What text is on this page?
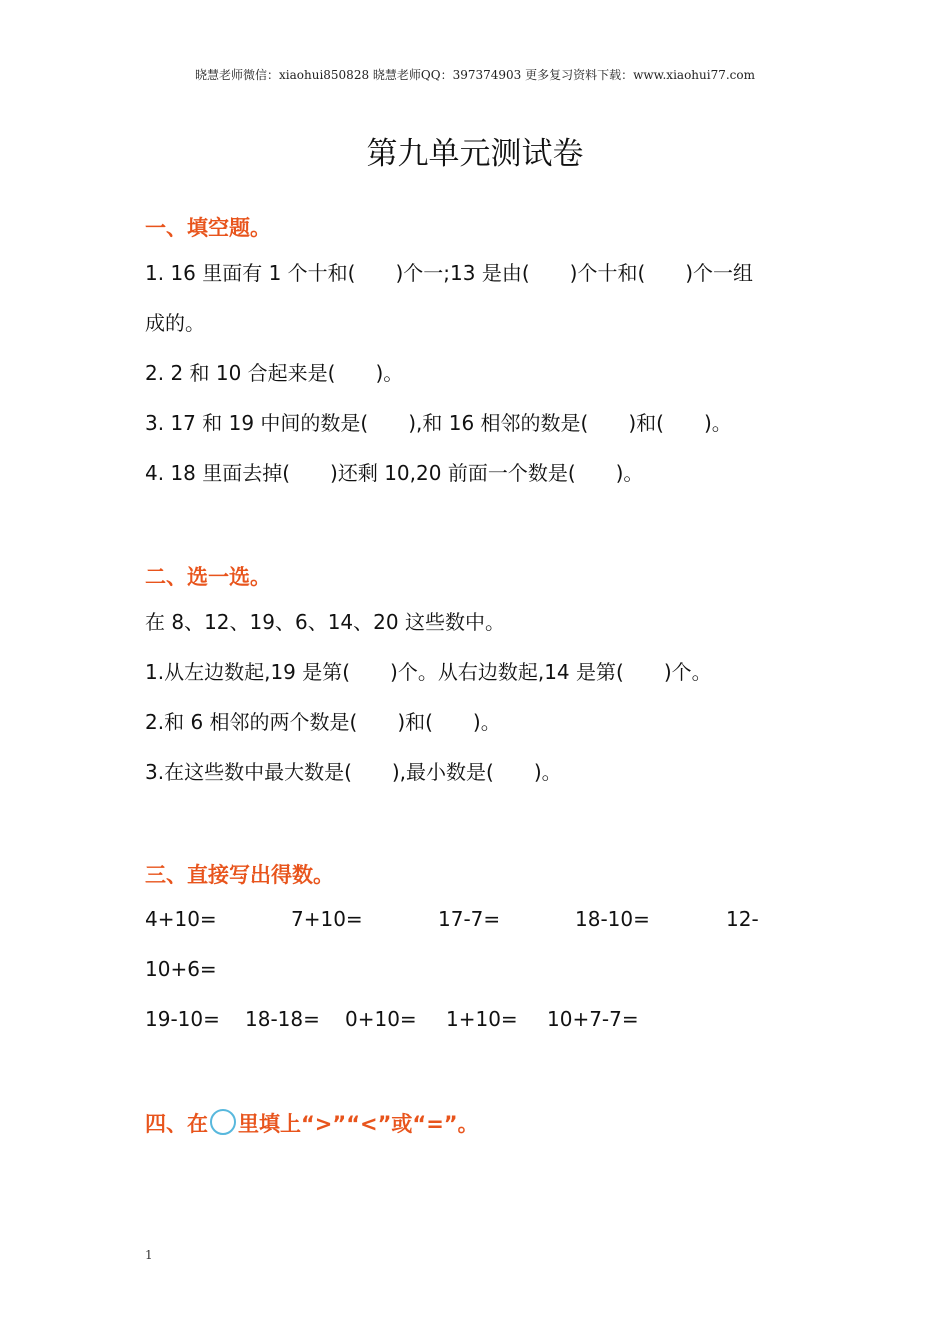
晓慧老师微信：xiaohui850828 晓慧老师QQ：397374903 更多复习资料下载：www.xiaohui77.com
第九单元测试卷
一、填空题。
1. 16 里面有 1 个十和(　　)个一;13 是由(　　)个十和(　　)个一组
成的。
2. 2 和 10 合起来是(　　)。
3. 17 和 19 中间的数是(　　),和 16 相邻的数是(　　)和(　　)。
4. 18 里面去掉(　　)还剩 10,20 前面一个数是(　　)。
二、选一选。
在 8、12、19、6、14、20 这些数中。
1.从左边数起,19 是第(　　)个。从右边数起,14 是第(　　)个。
2.和 6 相邻的两个数是(　　)和(　　)。
3.在这些数中最大数是(　　),最小数是(　　)。
三、直接写出得数。
4+10=	7+10=	17-7=	18-10=	12-
10+6=
19-10= 18-18= 0+10= 1+10= 10+7-7=
四、在 里填上“>”“<”或“=”。
1
